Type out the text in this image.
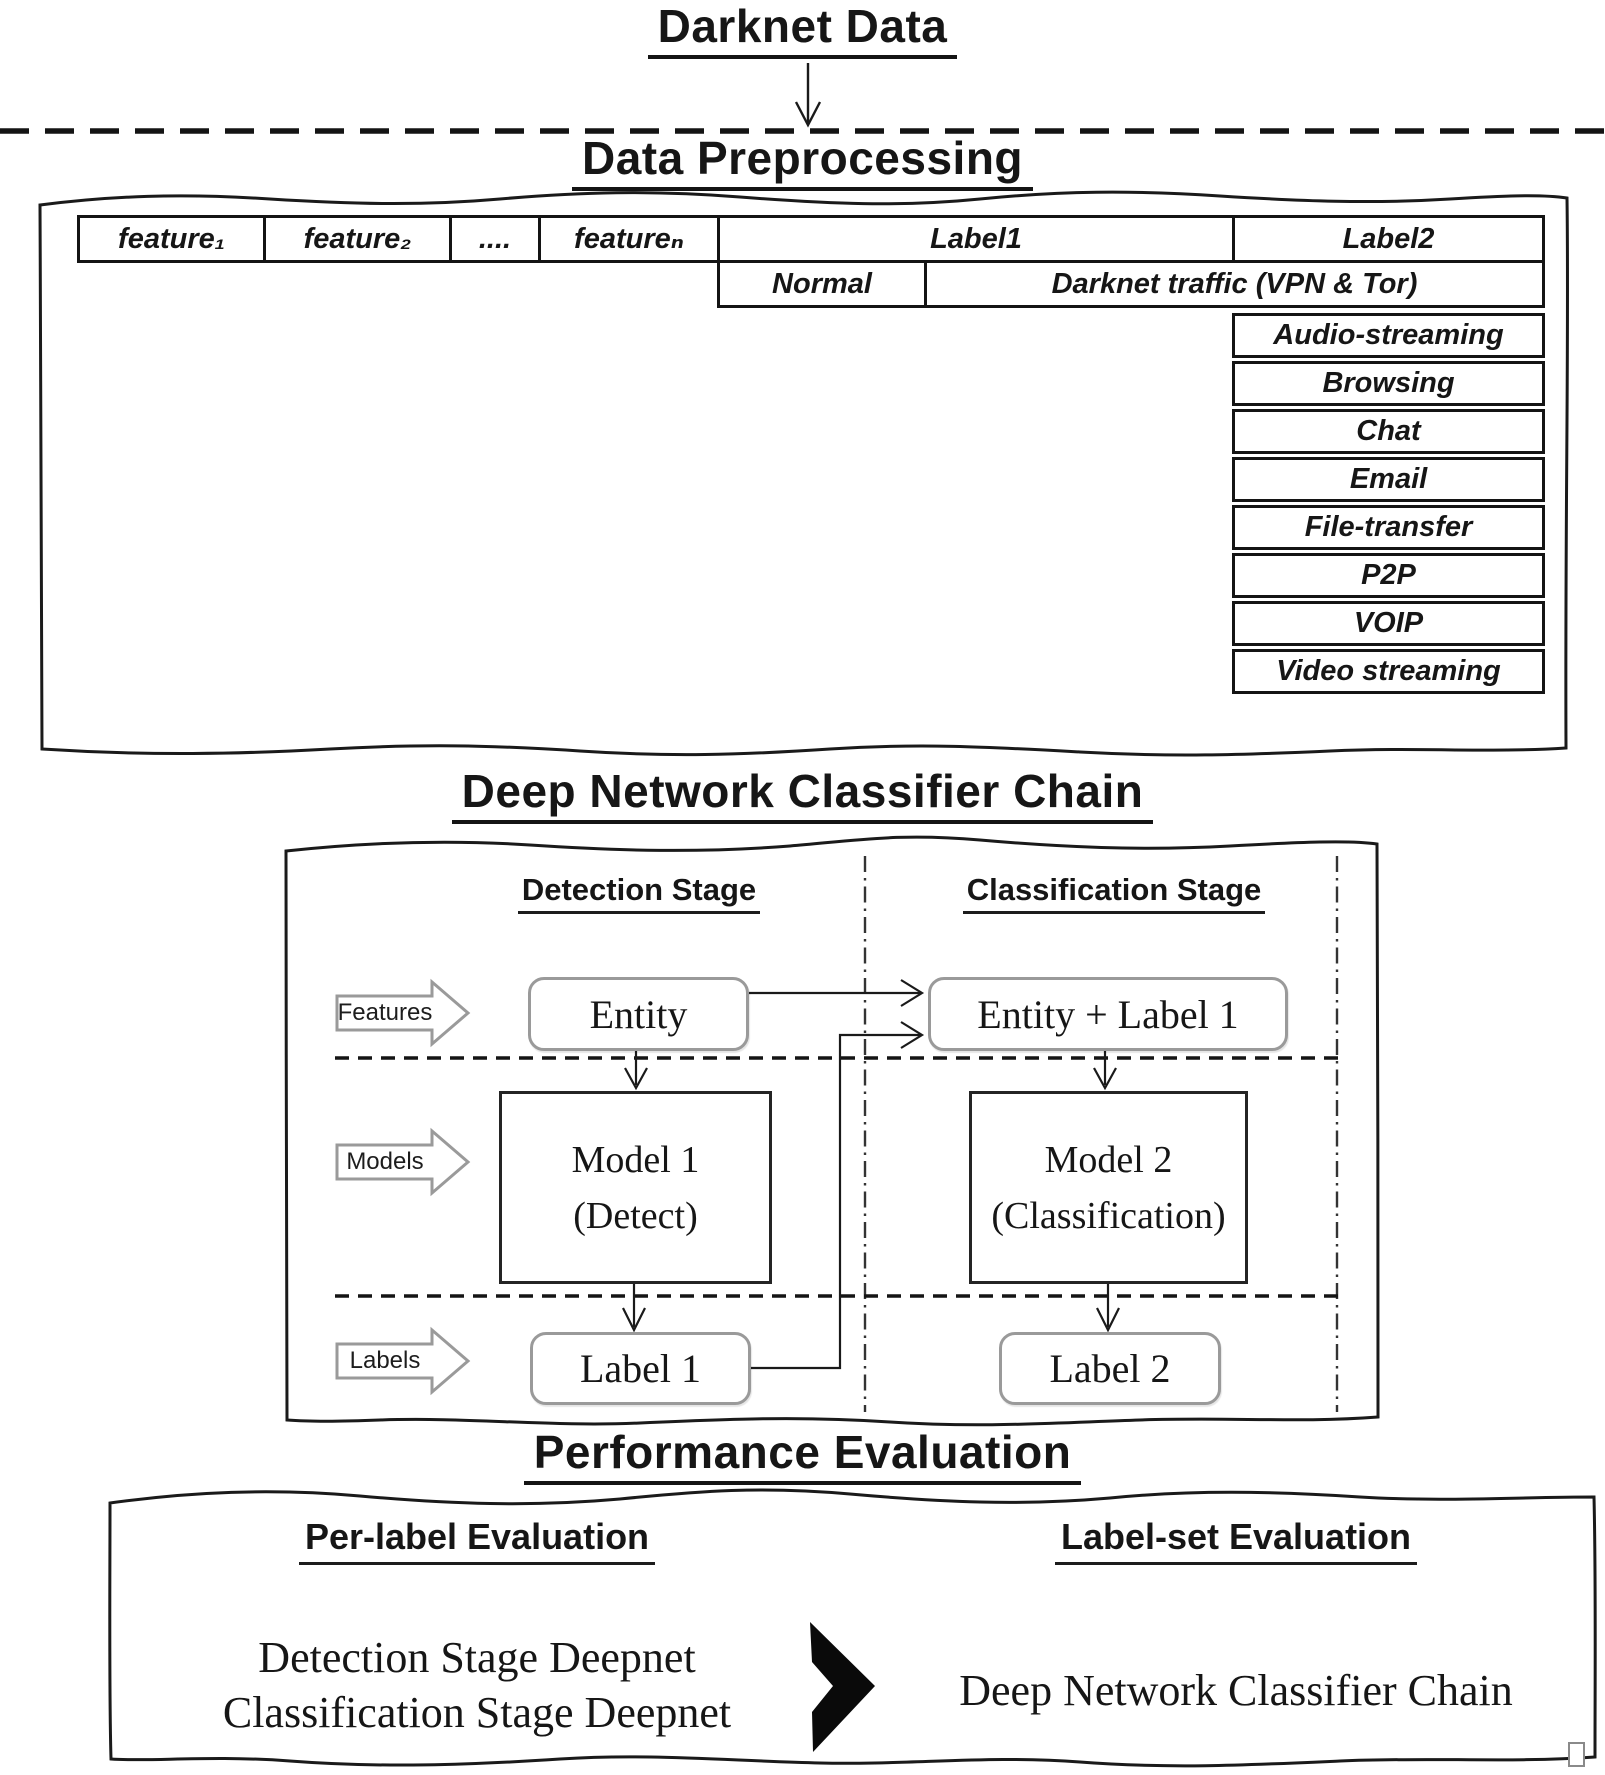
Darknet Data
Data Preprocessing
feature₁	feature₂	....	featureₙ	Label1	Label2
Normal	Darknet traffic (VPN & Tor)
Audio-streaming
Browsing
Chat
Email
File-transfer
P2P
VOIP
Video streaming
Deep Network Classifier Chain
Detection Stage	Classification Stage
Features
Models
Labels
Entity	Entity + Label 1
Model 1
(Detect)
Model 2
(Classification)
Label 1	Label 2
Performance Evaluation
Per-label Evaluation	Label-set Evaluation
Detection Stage Deepnet
Classification Stage Deepnet	Deep Network Classifier Chain
